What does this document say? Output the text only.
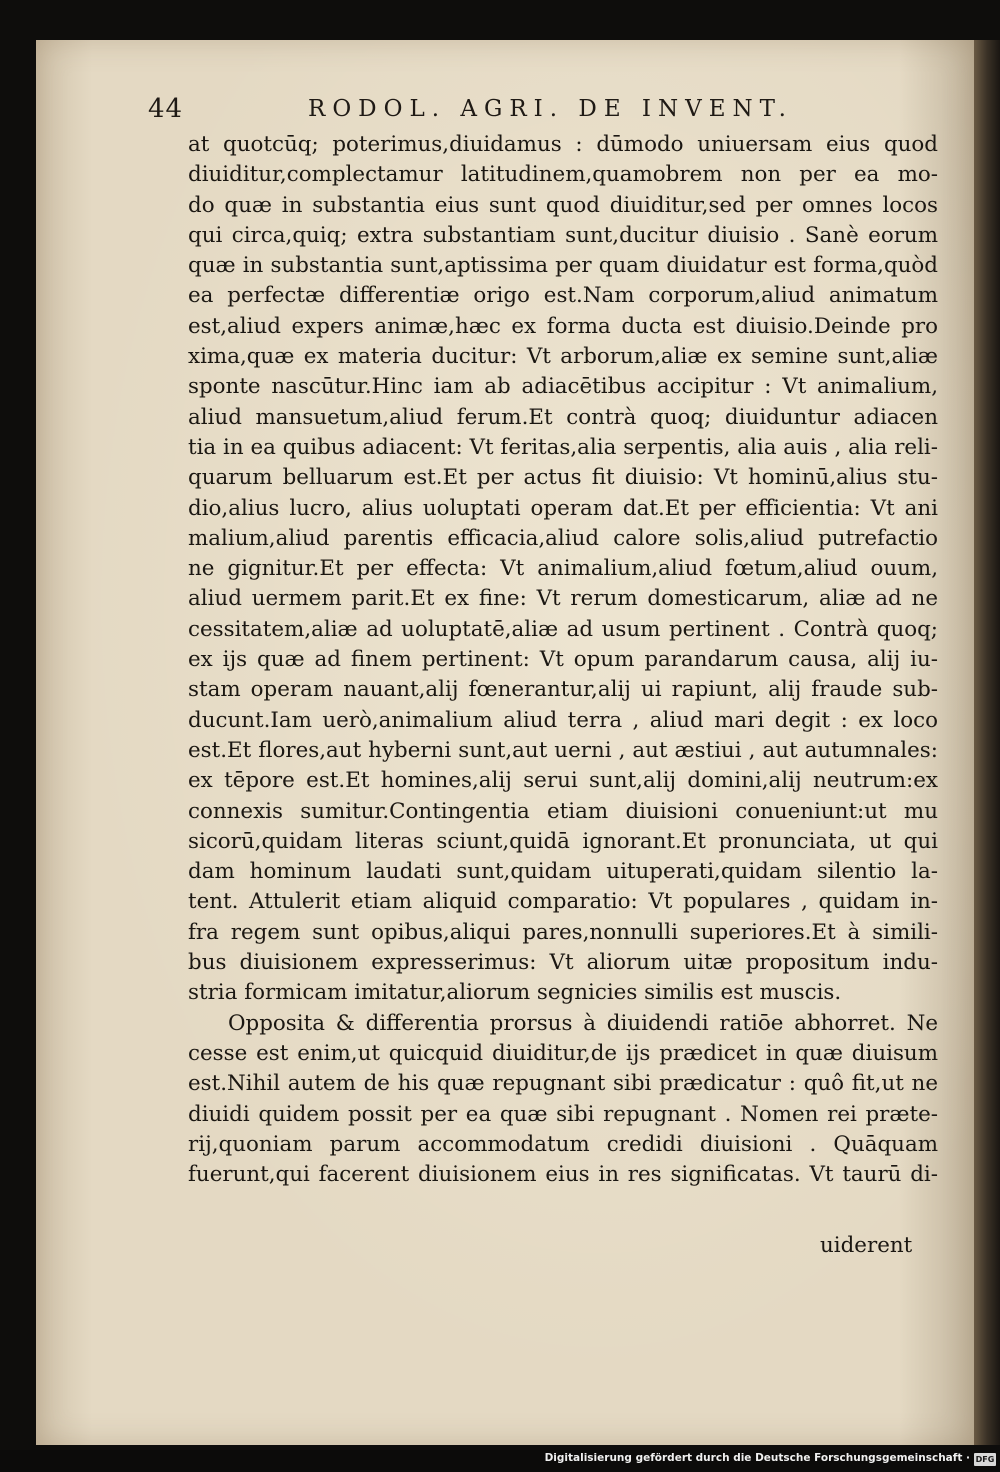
44	RODOL. AGRI. DE INVENT.
at quotcūq; poterimus,diuidamus : dūmodo uniuersam eius quod
diuiditur,complectamur latitudinem,quamobrem non per ea mo-
do quæ in substantia eius sunt quod diuiditur,sed per omnes locos
qui circa,quiq; extra substantiam sunt,ducitur diuisio . Sanè eorum
quæ in substantia sunt,aptissima per quam diuidatur est forma,quòd
ea perfectæ differentiæ origo est.Nam corporum,aliud animatum
est,aliud expers animæ,hæc ex forma ducta est diuisio.Deinde pro
xima,quæ ex materia ducitur: Vt arborum,aliæ ex semine sunt,aliæ
sponte nascūtur.Hinc iam ab adiacētibus accipitur : Vt animalium,
aliud mansuetum,aliud ferum.Et contrà quoq; diuiduntur adiacen
tia in ea quibus adiacent: Vt feritas,alia serpentis, alia auis , alia reli-
quarum belluarum est.Et per actus fit diuisio: Vt hominū,alius stu-
dio,alius lucro, alius uoluptati operam dat.Et per efficientia: Vt ani
malium,aliud parentis efficacia,aliud calore solis,aliud putrefactio
ne gignitur.Et per effecta: Vt animalium,aliud fœtum,aliud ouum,
aliud uermem parit.Et ex fine: Vt rerum domesticarum, aliæ ad ne
cessitatem,aliæ ad uoluptatē,aliæ ad usum pertinent . Contrà quoq;
ex ijs quæ ad finem pertinent: Vt opum parandarum causa, alij iu-
stam operam nauant,alij fœnerantur,alij ui rapiunt, alij fraude sub-
ducunt.Iam uerò,animalium aliud terra , aliud mari degit : ex loco
est.Et flores,aut hyberni sunt,aut uerni , aut æstiui , aut autumnales:
ex tēpore est.Et homines,alij serui sunt,alij domini,alij neutrum:ex
connexis sumitur.Contingentia etiam diuisioni conueniunt:ut mu
sicorū,quidam literas sciunt,quidā ignorant.Et pronunciata, ut qui
dam hominum laudati sunt,quidam uituperati,quidam silentio la-
tent. Attulerit etiam aliquid comparatio: Vt populares , quidam in-
fra regem sunt opibus,aliqui pares,nonnulli superiores.Et à simili-
bus diuisionem expresserimus: Vt aliorum uitæ propositum indu-
stria formicam imitatur,aliorum segnicies similis est muscis.
Opposita & differentia prorsus à diuidendi ratiōe abhorret. Ne
cesse est enim,ut quicquid diuiditur,de ijs prædicet in quæ diuisum
est.Nihil autem de his quæ repugnant sibi prædicatur : quô fit,ut ne
diuidi quidem possit per ea quæ sibi repugnant . Nomen rei præte-
rij,quoniam parum accommodatum credidi diuisioni . Quāquam
fuerunt,qui facerent diuisionem eius in res significatas. Vt taurū di-
uiderent
Digitalisierung gefördert durch die Deutsche Forschungsgemeinschaft · DFG
